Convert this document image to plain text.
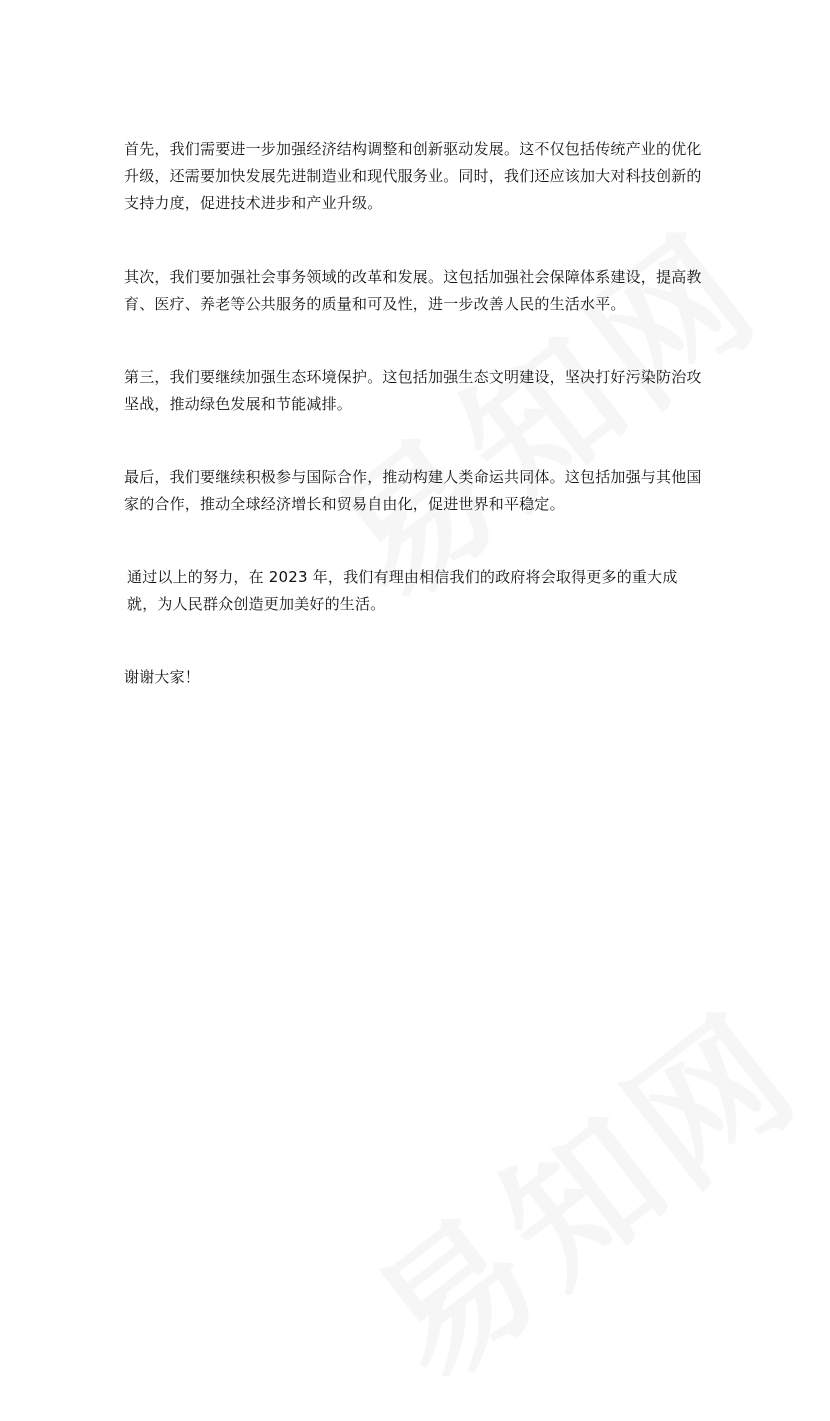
首先，我们需要进一步加强经济结构调整和创新驱动发展。这不仅包括传统产业的优化升级，还需要加快发展先进制造业和现代服务业。同时，我们还应该加大对科技创新的支持力度，促进技术进步和产业升级。

其次，我们要加强社会事务领域的改革和发展。这包括加强社会保障体系建设，提高教育、医疗、养老等公共服务的质量和可及性，进一步改善人民的生活水平。

第三，我们要继续加强生态环境保护。这包括加强生态文明建设，坚决打好污染防治攻坚战，推动绿色发展和节能减排。

最后，我们要继续积极参与国际合作，推动构建人类命运共同体。这包括加强与其他国家的合作，推动全球经济增长和贸易自由化，促进世界和平稳定。

通过以上的努力，在 2023 年，我们有理由相信我们的政府将会取得更多的重大成就，为人民群众创造更加美好的生活。

谢谢大家！
